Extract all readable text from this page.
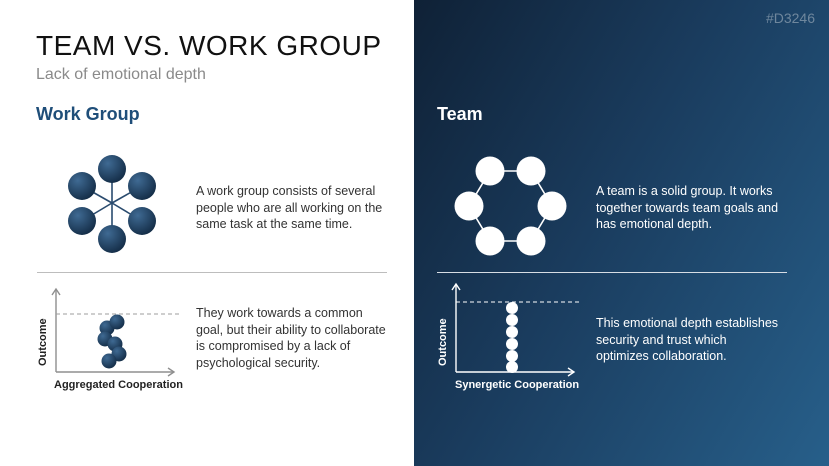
TEAM VS. WORK GROUP
Lack of emotional depth
#D3246
Work Group
A work group consists of several people who are all working on the same task at the same time.
Aggregated Cooperation
Outcome
They work towards a common goal, but their ability to collaborate is compromised by a lack of psychological security.
Team
A team is a solid group. It works together towards team goals and has emotional depth.
Synergetic Cooperation
Outcome	This emotional depth establishes security and trust which optimizes collaboration.
